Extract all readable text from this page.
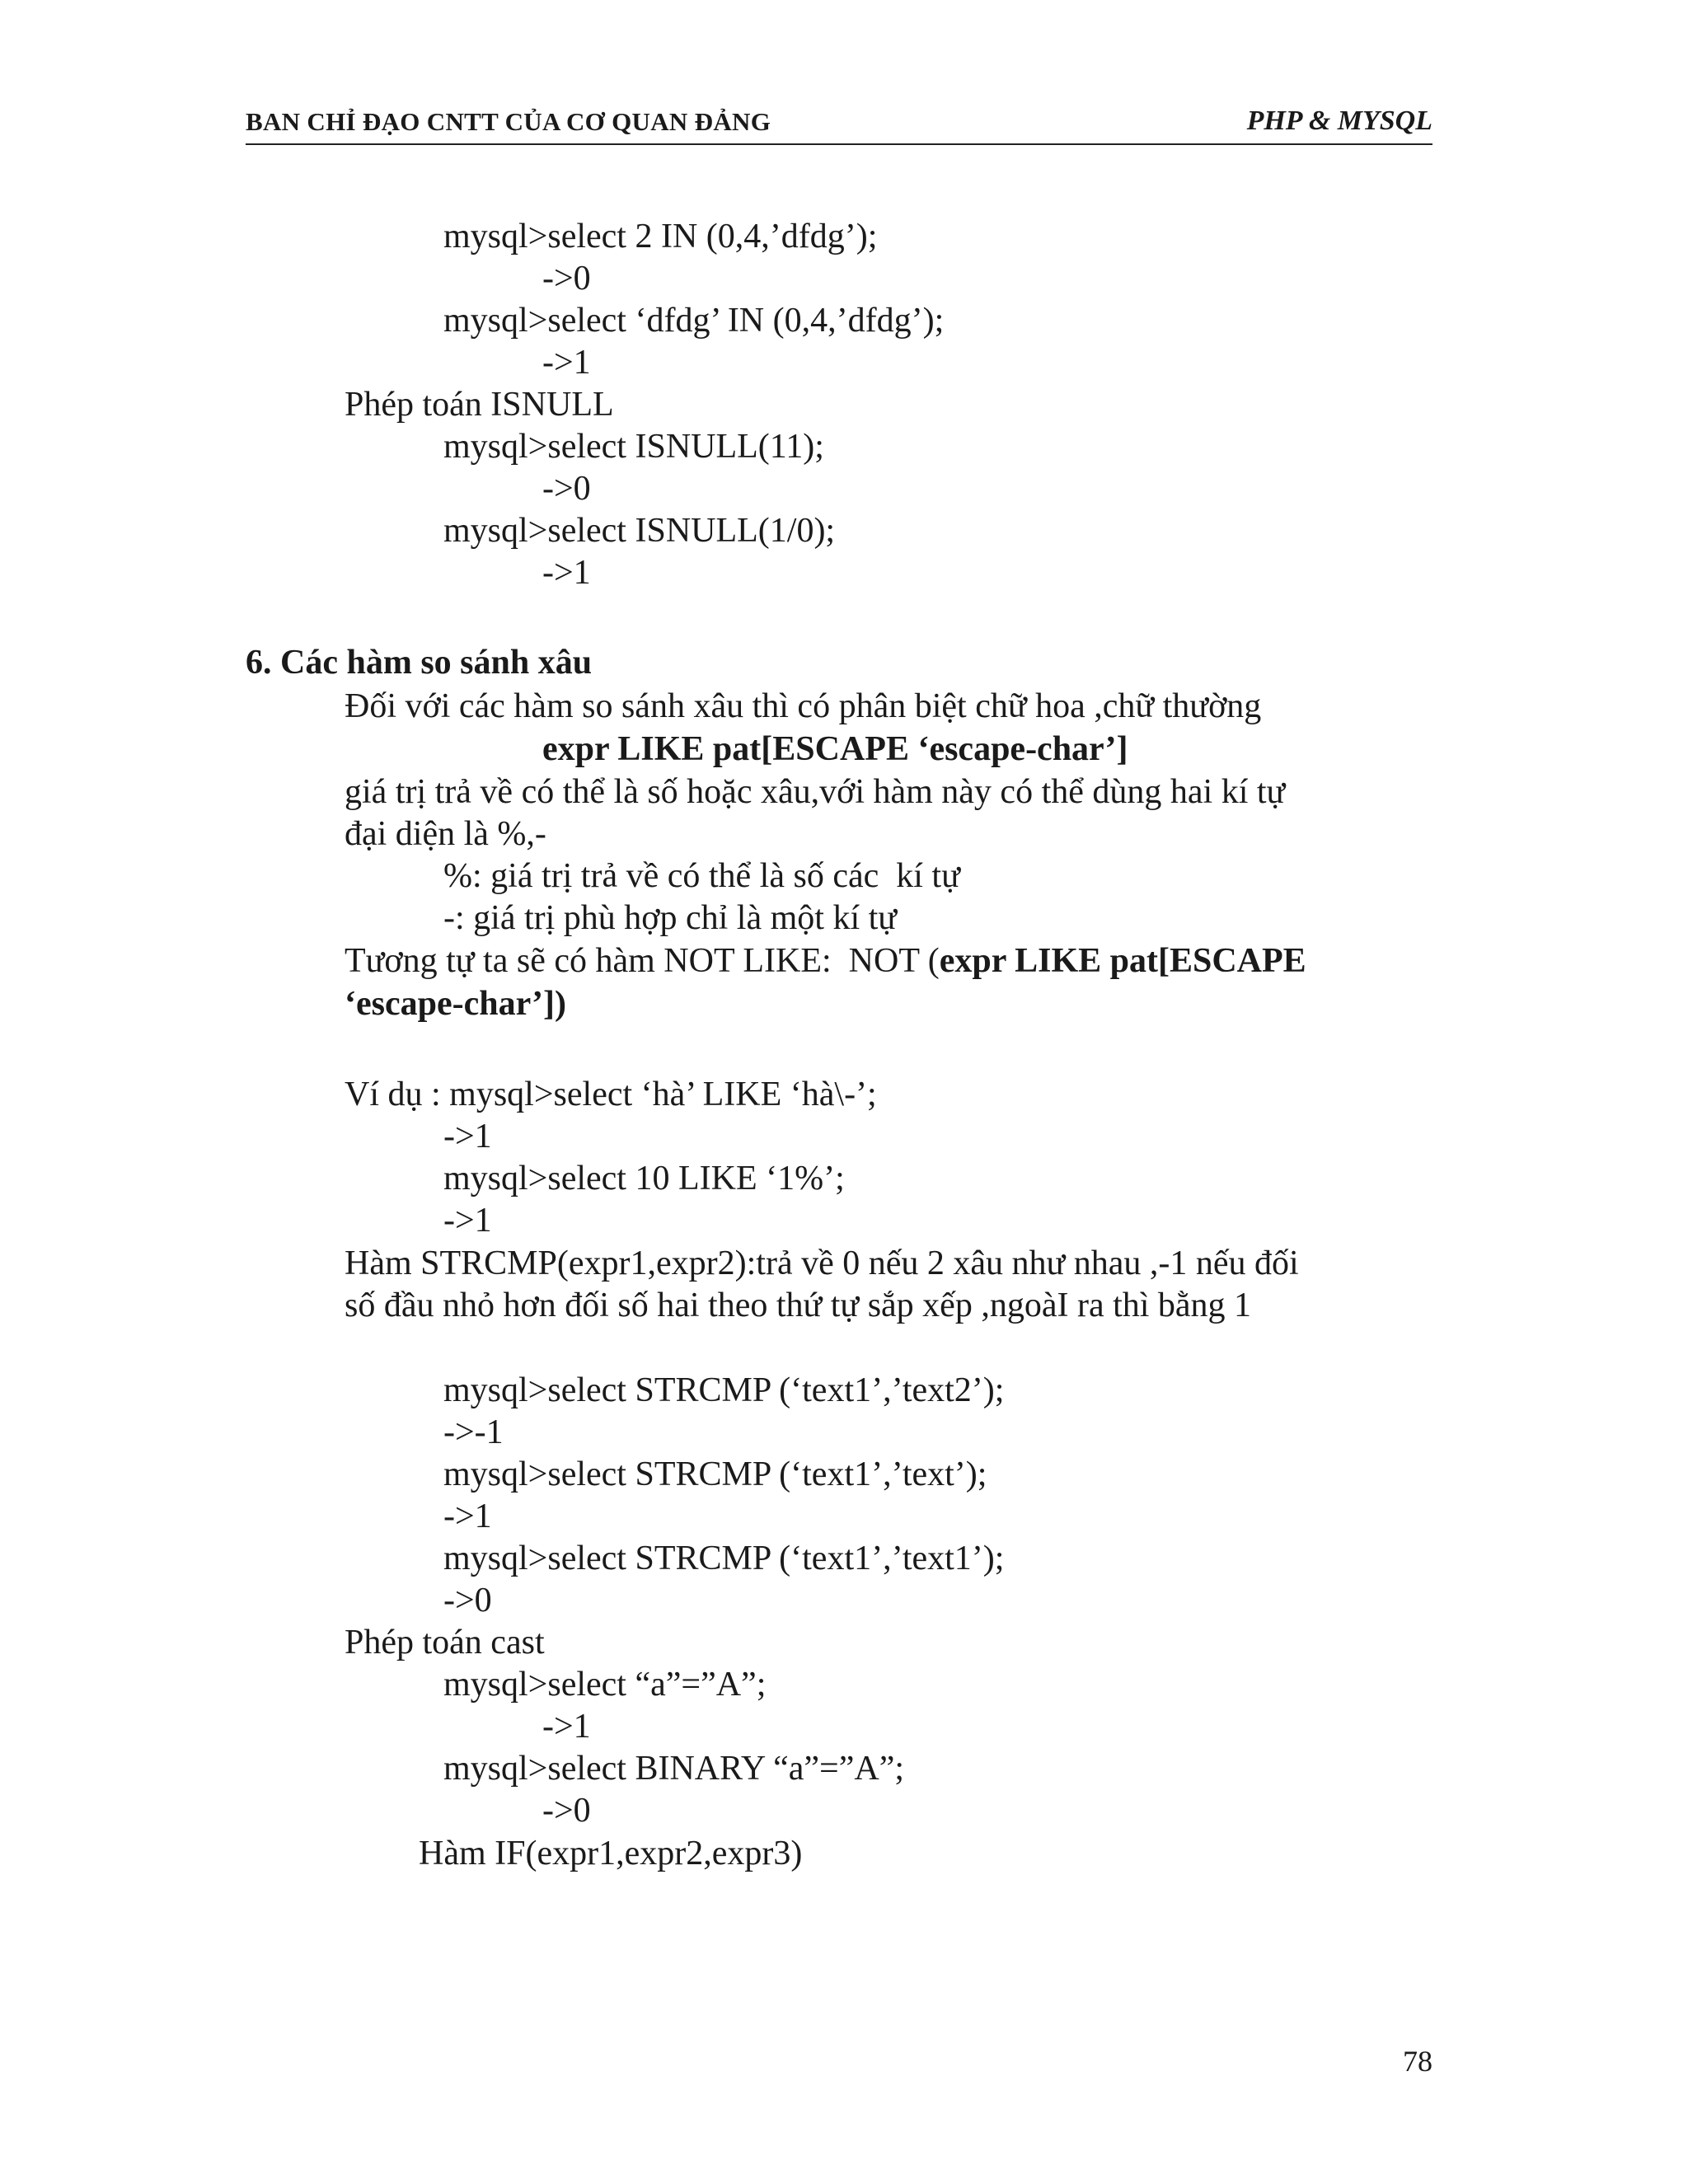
BAN CHỈ ĐẠO CNTT CỦA CƠ QUAN ĐẢNG	PHP & MYSQL
mysql>select 2 IN (0,4,’dfdg’);
->0
mysql>select ‘dfdg’ IN (0,4,’dfdg’);
->1
Phép toán ISNULL
mysql>select ISNULL(11);
->0
mysql>select ISNULL(1/0);
->1
6. Các hàm so sánh xâu
Đối với các hàm so sánh xâu thì có phân biệt chữ hoa ,chữ thường
expr LIKE pat[ESCAPE ‘escape-char’]
giá trị trả về có thể là số hoặc xâu,với hàm này có thể dùng hai kí tự
đại diện là %,-
%: giá trị trả về có thể là số các  kí tự
-: giá trị phù hợp chỉ là một kí tự
Tương tự ta sẽ có hàm NOT LIKE:  NOT (expr LIKE pat[ESCAPE
‘escape-char’])
Ví dụ : mysql>select ‘hà’ LIKE ‘hà\-’;
->1
mysql>select 10 LIKE ‘1%’;
->1
Hàm STRCMP(expr1,expr2):trả về 0 nếu 2 xâu như nhau ,-1 nếu đối
số đầu nhỏ hơn đối số hai theo thứ tự sắp xếp ,ngoàI ra thì bằng 1
mysql>select STRCMP (‘text1’,’text2’);
->-1
mysql>select STRCMP (‘text1’,’text’);
->1
mysql>select STRCMP (‘text1’,’text1’);
->0
Phép toán cast
mysql>select “a”=”A”;
->1
mysql>select BINARY “a”=”A”;
->0
Hàm IF(expr1,expr2,expr3)
78
